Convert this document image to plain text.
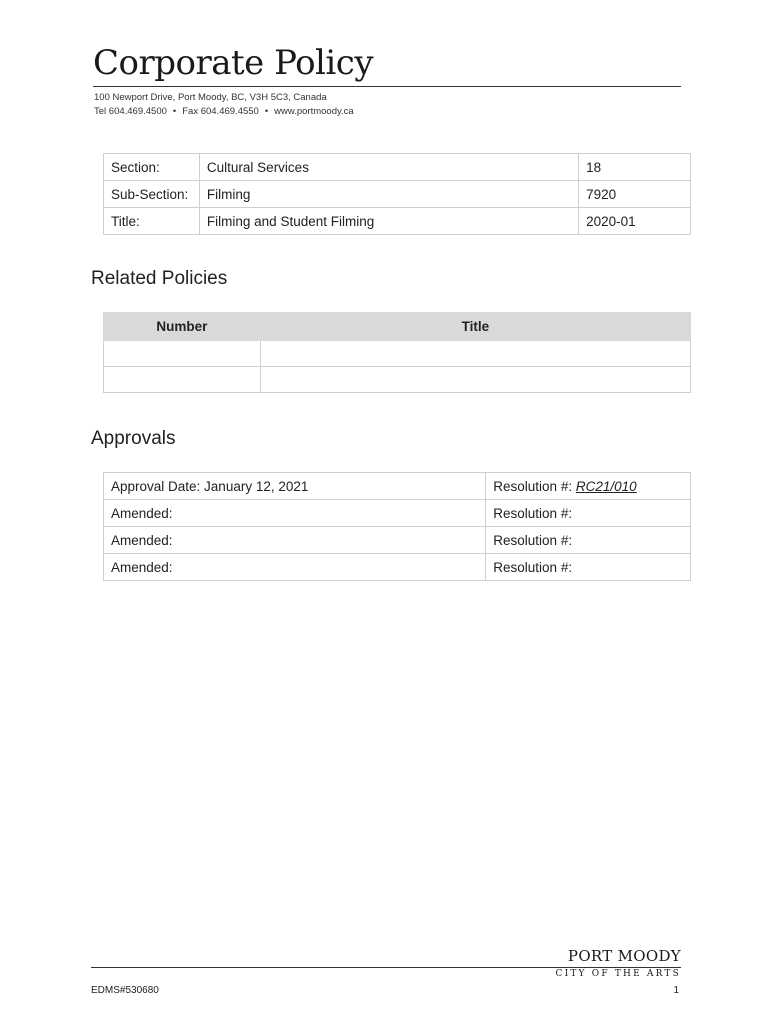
Corporate Policy
100 Newport Drive, Port Moody, BC, V3H 5C3, Canada
Tel 604.469.4500 • Fax 604.469.4550 • www.portmoody.ca
Section:	Cultural Services	18
Sub-Section:	Filming	7920
Title:	Filming and Student Filming	2020-01
Related Policies
Number	Title

Approvals
Approval Date: January 12, 2021	Resolution #: RC21/010
Amended:	Resolution #:
Amended:	Resolution #:
Amended:	Resolution #:
PORT MOODY
CITY OF THE ARTS
EDMS#530680	1
